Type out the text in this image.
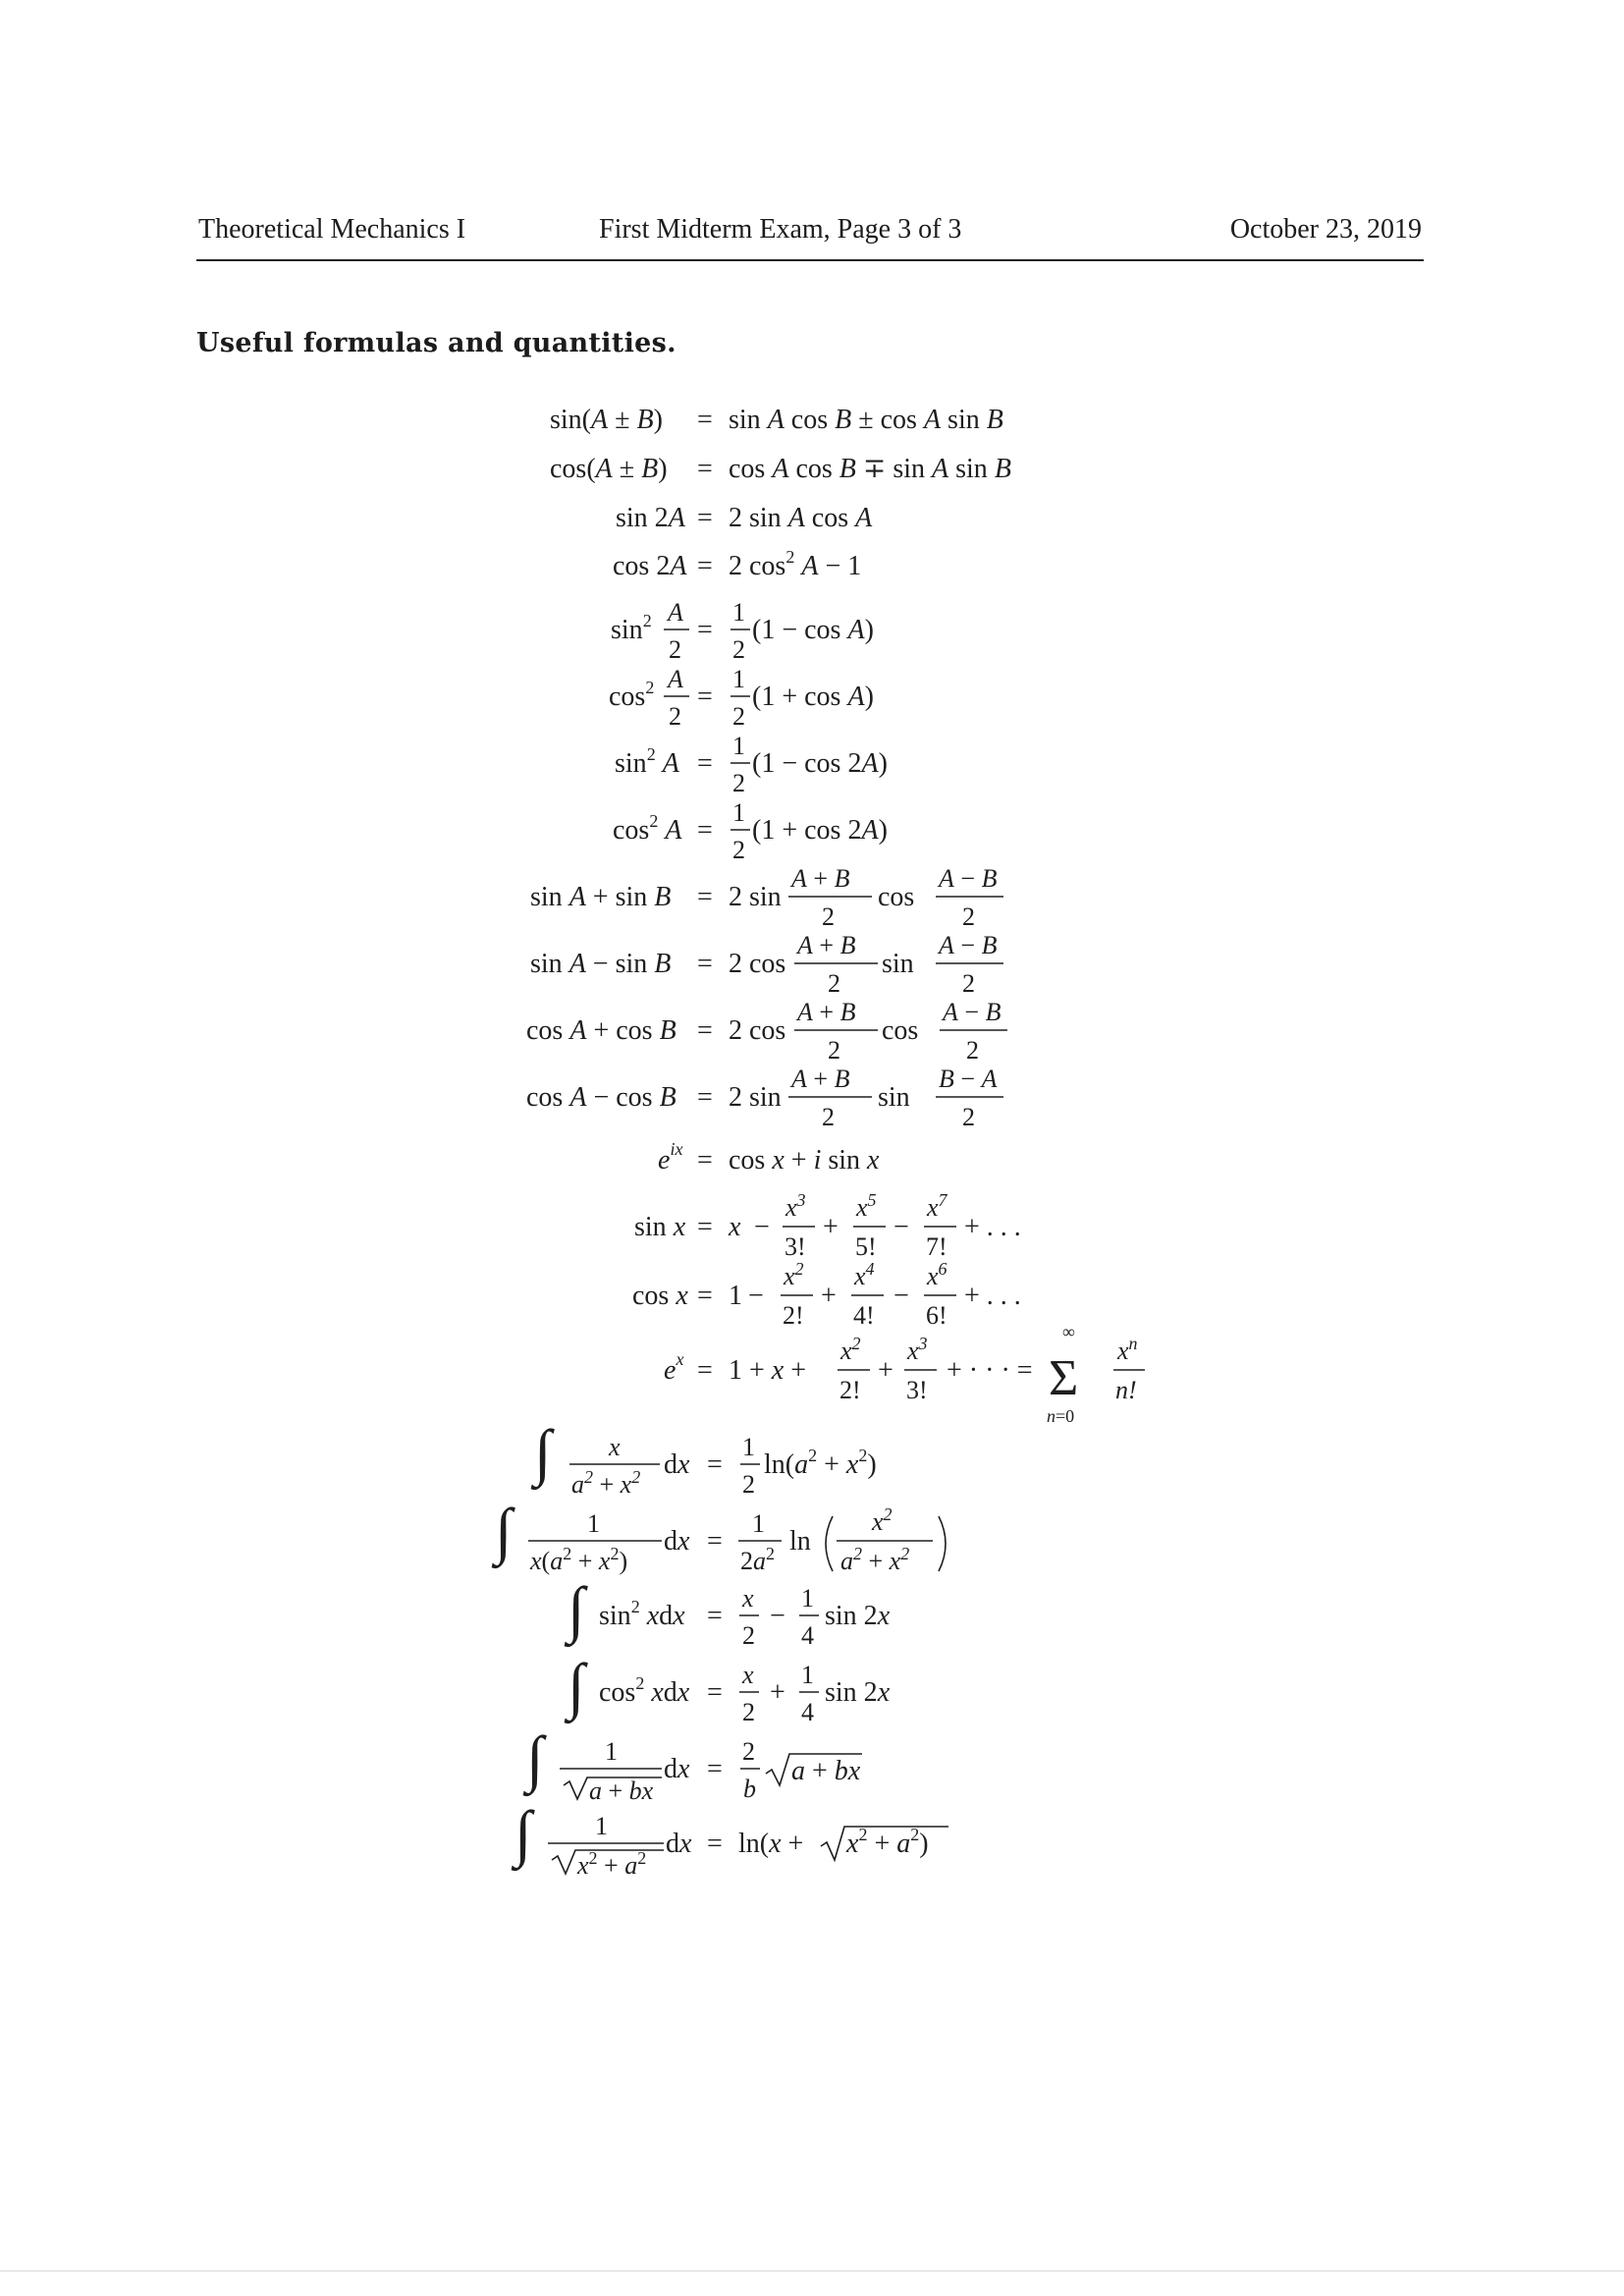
Theoretical Mechanics I	First Midterm Exam, Page 3 of 3	October 23, 2019
Useful formulas and quantities.
sin(A ± B) = sin A cos B ± cos A sin B
cos(A ± B) = cos A cos B ∓ sin A sin B
sin 2A = 2 sin A cos A
cos 2A = 2 $\cos^2 A - 1$
$\sin^2 A$
2
=
1
2
(1 − cos A)
$\cos^2 A$
2
=
1
2
(1 + cos A)
$\sin^2 A$ =
1
2
(1 − cos 2A)
$\cos^2 A$ =
1
2
(1 + cos 2A)
sin A + sin B = 2 sin
A + B
2
cos
A − B
2
sin A − sin B = 2 cos
A + B
2
sin
A − B
2
cos A + cos B = 2 cos
A + B
2
cos
A − B
2
cos A − cos B = 2 sin
A + B
2
sin
B − A
2
$e^{ix} = \cos x + i$ sin x
sin x = x −
$x^3$
3!
+
$x^5$
5!
−
$x^7$
7!
+ . . .
cos x = 1 −
$x^2$
2!
+
$x^4$
4!
−
$x^6$
6!
+ . . .
$e^x = 1 + x$ +
$x^2$
2!
+
$x^3$
3!
+ · · · =
∞
Σ
n=0
$x^n$
n!
∫ x
$a^2 + x^2$ dx =
1
2
$\ln(a^2 + x^2)$
∫	1
$x(a^2 + x^2)$
dx =
1
$2a^2$ ln
$x^2$
$a^2 + x^2$
∫ $\sin^2$ xdx =
x
2
−
1
4
sin 2x
∫ $\cos^2$ xdx =
x
2
+
1
4
sin 2x
∫ 1
a + bx
dx =
2
b
a + bx
∫ 1
$x^2 + a^2$ dx = $\ln(x + x^2 + a^2)$
